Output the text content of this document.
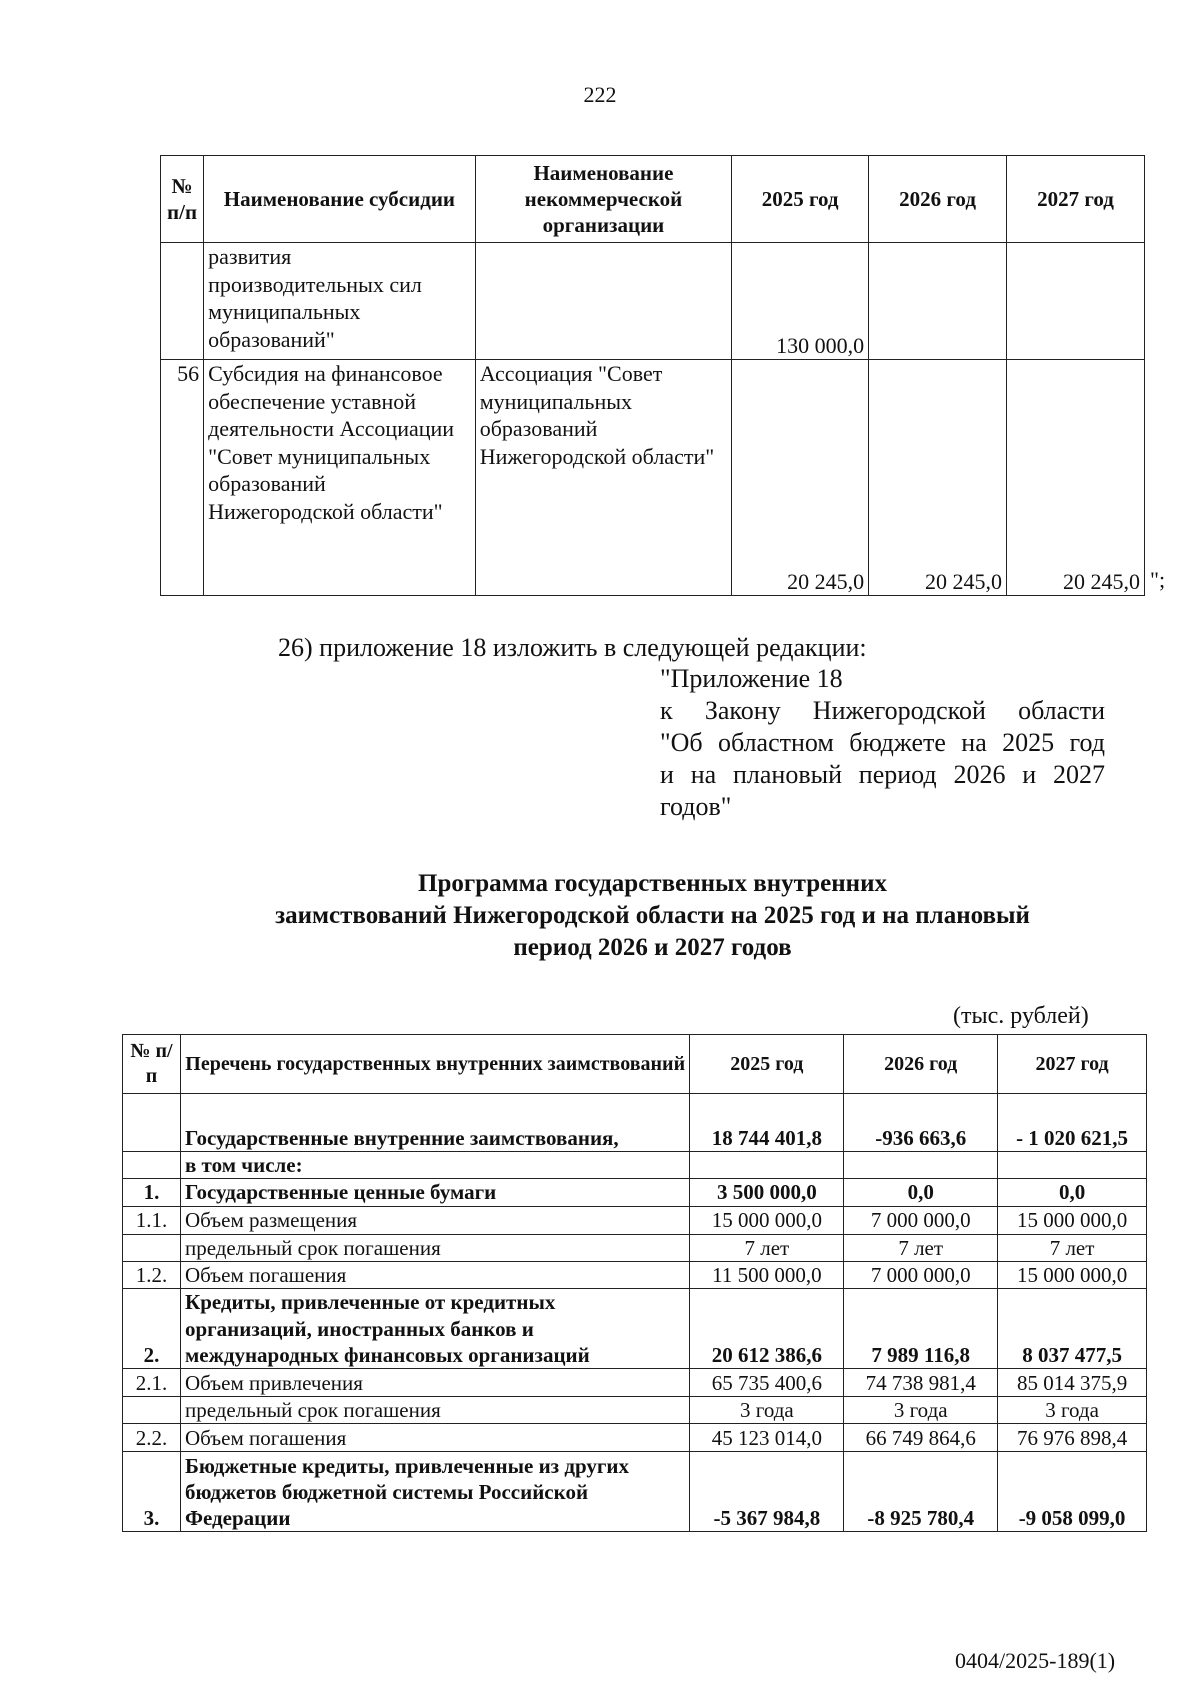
222
№ п/п	Наименование субсидии	Наименование некоммерческой организации	2025 год	2026 год	2027 год
	развития производительных сил муниципальных образований"		130 000,0		
56	Субсидия на финансовое обеспечение уставной деятельности Ассоциации "Совет муниципальных образований Нижегородской области"	Ассоциация "Совет муниципальных образований Нижегородской области"	20 245,0	20 245,0	20 245,0 ";
26) приложение 18 изложить в следующей редакции:
"Приложение 18
к Закону Нижегородской области
"Об областном бюджете на 2025 год
и на плановый период 2026 и 2027
годов"
Программа государственных внутренних
заимствований Нижегородской области на 2025 год и на плановый
период 2026 и 2027 годов
(тыс. рублей)
№ п/п	Перечень государственных внутренних заимствований	2025 год	2026 год	2027 год
	Государственные внутренние заимствования,	18 744 401,8	-936 663,6	- 1 020 621,5
	в том числе:			
1.	Государственные ценные бумаги	3 500 000,0	0,0	0,0
1.1.	Объем размещения	15 000 000,0	7 000 000,0	15 000 000,0
	предельный срок погашения	7 лет	7 лет	7 лет
1.2.	Объем погашения	11 500 000,0	7 000 000,0	15 000 000,0
2.	Кредиты, привлеченные от кредитных организаций, иностранных банков и международных финансовых организаций	20 612 386,6	7 989 116,8	8 037 477,5
2.1.	Объем привлечения	65 735 400,6	74 738 981,4	85 014 375,9
	предельный срок погашения	3 года	3 года	3 года
2.2.	Объем погашения	45 123 014,0	66 749 864,6	76 976 898,4
3.	Бюджетные кредиты, привлеченные из других бюджетов бюджетной системы Российской Федерации	-5 367 984,8	-8 925 780,4	-9 058 099,0
0404/2025-189(1)
